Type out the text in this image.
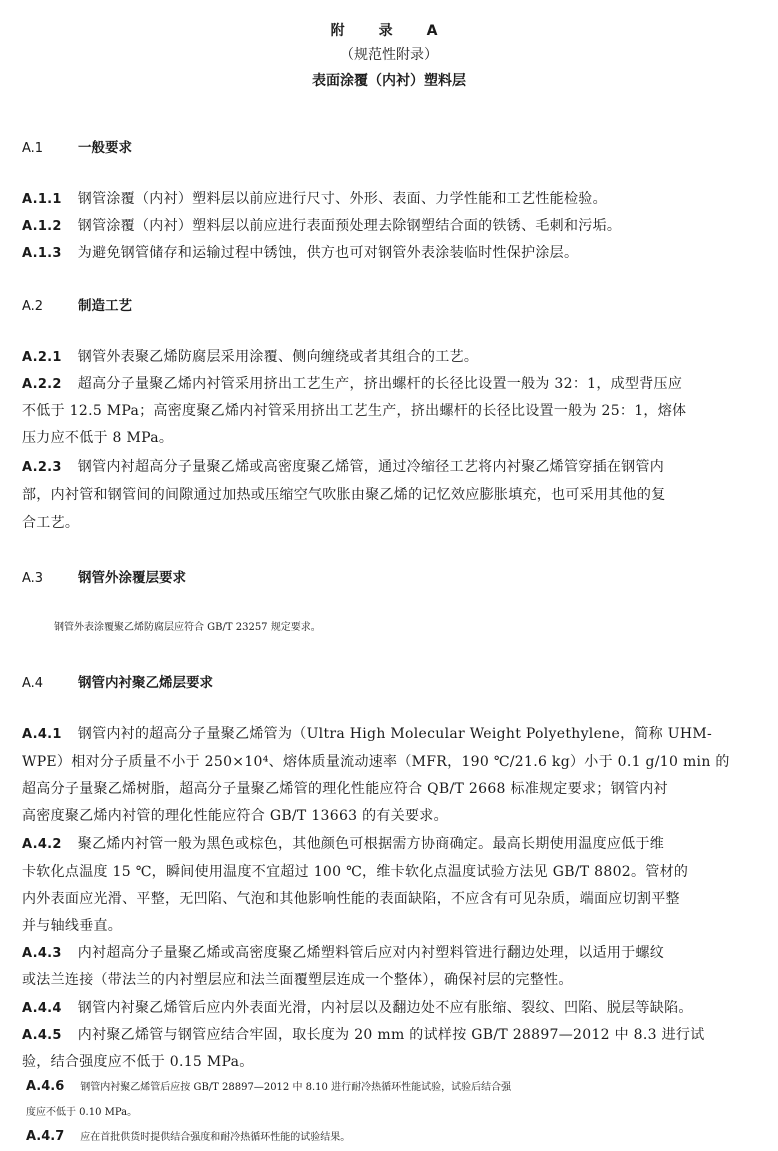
附　录　A
（规范性附录）
表面涂覆（内衬）塑料层
A.1	一般要求
A.1.1 钢管涂覆（内衬）塑料层以前应进行尺寸、外形、表面、力学性能和工艺性能检验。
A.1.2 钢管涂覆（内衬）塑料层以前应进行表面预处理去除钢塑结合面的铁锈、毛刺和污垢。
A.1.3 为避免钢管储存和运输过程中锈蚀，供方也可对钢管外表涂装临时性保护涂层。
A.2	制造工艺
A.2.1 钢管外表聚乙烯防腐层采用涂覆、侧向缠绕或者其组合的工艺。
A.2.2 超高分子量聚乙烯内衬管采用挤出工艺生产，挤出螺杆的长径比设置一般为 32：1，成型背压应
不低于 12.5 MPa；高密度聚乙烯内衬管采用挤出工艺生产，挤出螺杆的长径比设置一般为 25：1，熔体
压力应不低于 8 MPa。
A.2.3 钢管内衬超高分子量聚乙烯或高密度聚乙烯管，通过冷缩径工艺将内衬聚乙烯管穿插在钢管内
部，内衬管和钢管间的间隙通过加热或压缩空气吹胀由聚乙烯的记忆效应膨胀填充，也可采用其他的复
合工艺。
A.3	钢管外涂覆层要求
钢管外表涂覆聚乙烯防腐层应符合 GB/T 23257 规定要求。
A.4	钢管内衬聚乙烯层要求
A.4.1 钢管内衬的超高分子量聚乙烯管为（Ultra High Molecular Weight Polyethylene，简称 UHM-
WPE）相对分子质量不小于 250×10⁴、熔体质量流动速率（MFR，190 ℃/21.6 kg）小于 0.1 g/10 min 的
超高分子量聚乙烯树脂，超高分子量聚乙烯管的理化性能应符合 QB/T 2668 标准规定要求；钢管内衬
高密度聚乙烯内衬管的理化性能应符合 GB/T 13663 的有关要求。
A.4.2 聚乙烯内衬管一般为黑色或棕色，其他颜色可根据需方协商确定。最高长期使用温度应低于维
卡软化点温度 15 ℃，瞬间使用温度不宜超过 100 ℃，维卡软化点温度试验方法见 GB/T 8802。管材的
内外表面应光滑、平整，无凹陷、气泡和其他影响性能的表面缺陷，不应含有可见杂质，端面应切割平整
并与轴线垂直。
A.4.3 内衬超高分子量聚乙烯或高密度聚乙烯塑料管后应对内衬塑料管进行翻边处理，以适用于螺纹
或法兰连接（带法兰的内衬塑层应和法兰面覆塑层连成一个整体），确保衬层的完整性。
A.4.4 钢管内衬聚乙烯管后应内外表面光滑，内衬层以及翻边处不应有胀缩、裂纹、凹陷、脱层等缺陷。
A.4.5 内衬聚乙烯管与钢管应结合牢固，取长度为 20 mm 的试样按 GB/T 28897—2012 中 8.3 进行试
验，结合强度应不低于 0.15 MPa。
A.4.6 钢管内衬聚乙烯管后应按 GB/T 28897—2012 中 8.10 进行耐冷热循环性能试验，试验后结合强
度应不低于 0.10 MPa。
A.4.7 应在首批供货时提供结合强度和耐冷热循环性能的试验结果。
